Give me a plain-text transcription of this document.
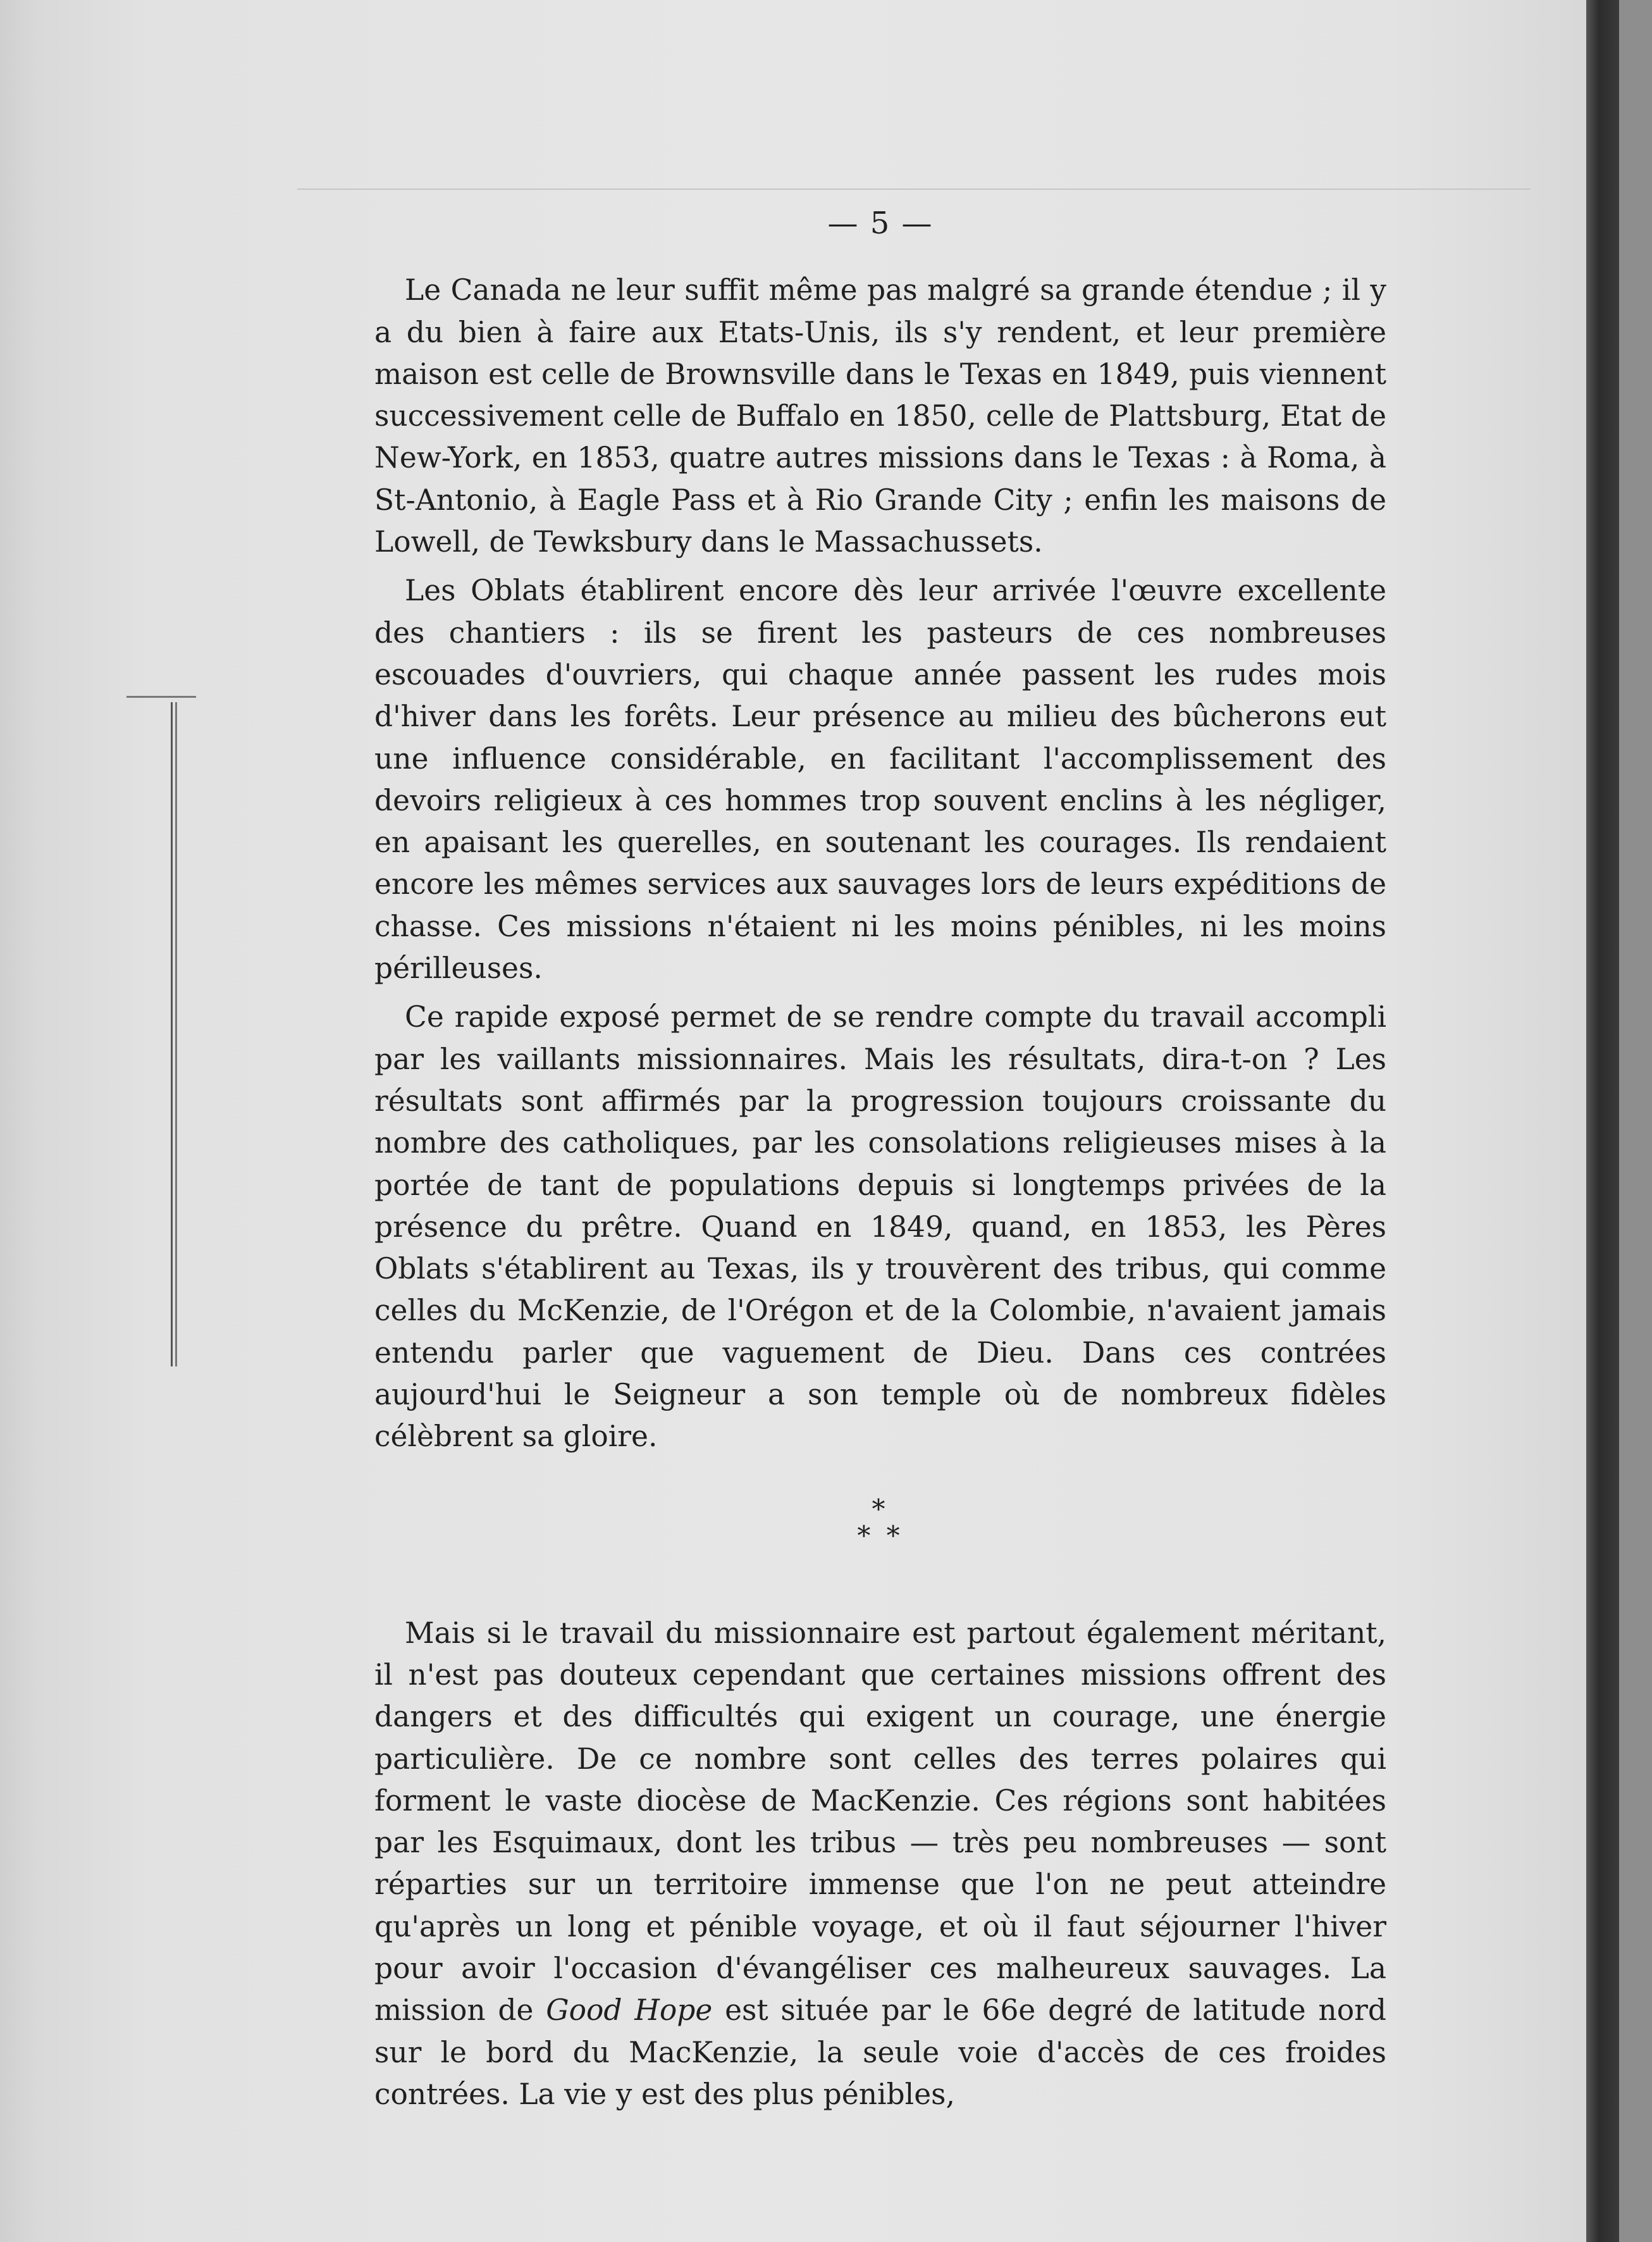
— 5 —

Le Canada ne leur suffit même pas malgré sa grande étendue ; il y a du bien à faire aux Etats-Unis, ils s'y rendent, et leur première maison est celle de Brownsville dans le Texas en 1849, puis viennent successivement celle de Buffalo en 1850, celle de Plattsburg, Etat de New-York, en 1853, quatre autres missions dans le Texas : à Roma, à St-Antonio, à Eagle Pass et à Rio Grande City ; enfin les maisons de Lowell, de Tewksbury dans le Massachussets.

Les Oblats établirent encore dès leur arrivée l'œuvre excellente des chantiers : ils se firent les pasteurs de ces nombreuses escouades d'ouvriers, qui chaque année passent les rudes mois d'hiver dans les forêts. Leur présence au milieu des bûcherons eut une influence considérable, en facilitant l'accomplissement des devoirs religieux à ces hommes trop souvent enclins à les négliger, en apaisant les querelles, en soutenant les courages. Ils rendaient encore les mêmes services aux sauvages lors de leurs expéditions de chasse. Ces missions n'étaient ni les moins pénibles, ni les moins périlleuses.

Ce rapide exposé permet de se rendre compte du travail accompli par les vaillants missionnaires. Mais les résultats, dira-t-on ? Les résultats sont affirmés par la progression toujours croissante du nombre des catholiques, par les consolations religieuses mises à la portée de tant de populations depuis si longtemps privées de la présence du prêtre. Quand en 1849, quand, en 1853, les Pères Oblats s'établirent au Texas, ils y trouvèrent des tribus, qui comme celles du McKenzie, de l'Orégon et de la Colombie, n'avaient jamais entendu parler que vaguement de Dieu. Dans ces contrées aujourd'hui le Seigneur a son temple où de nombreux fidèles célèbrent sa gloire.

*
* *

Mais si le travail du missionnaire est partout également méritant, il n'est pas douteux cependant que certaines missions offrent des dangers et des difficultés qui exigent un courage, une énergie particulière. De ce nombre sont celles des terres polaires qui forment le vaste diocèse de MacKenzie. Ces régions sont habitées par les Esquimaux, dont les tribus — très peu nombreuses — sont réparties sur un territoire immense que l'on ne peut atteindre qu'après un long et pénible voyage, et où il faut séjourner l'hiver pour avoir l'occasion d'évangéliser ces malheureux sauvages. La mission de Good Hope est située par le 66e degré de latitude nord sur le bord du MacKenzie, la seule voie d'accès de ces froides contrées. La vie y est des plus pénibles,
